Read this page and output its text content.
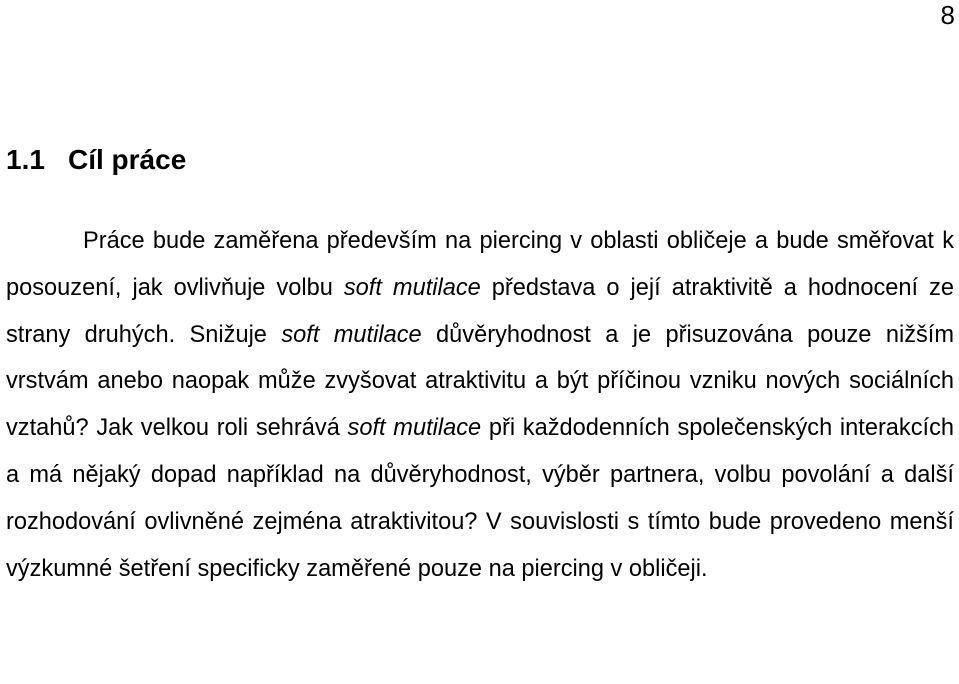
8
1.1 Cíl práce

Práce bude zaměřena především na piercing v oblasti obličeje a bude směřovat k posouzení, jak ovlivňuje volbu soft mutilace představa o její atraktivitě a hodnocení ze strany druhých. Snižuje soft mutilace důvěryhodnost a je přisuzována pouze nižším vrstvám anebo naopak může zvyšovat atraktivitu a být příčinou vzniku nových sociálních vztahů? Jak velkou roli sehrává soft mutilace při každodenních společenských interakcích a má nějaký dopad například na důvěryhodnost, výběr partnera, volbu povolání a další rozhodování ovlivněné zejména atraktivitou? V souvislosti s tímto bude provedeno menší výzkumné šetření specificky zaměřené pouze na piercing v obličeji.
